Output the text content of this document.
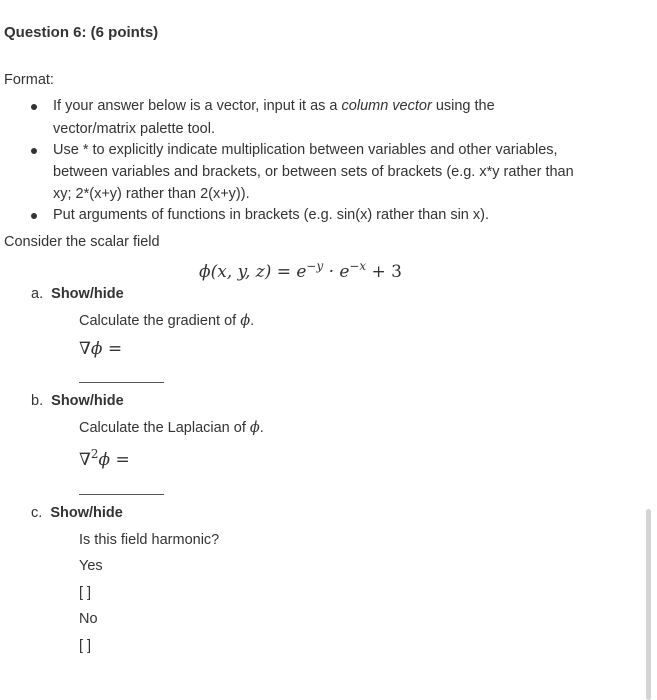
Question 6: (6 points)
Format:
If your answer below is a vector, input it as a column vector using the
vector/matrix palette tool.
Use * to explicitly indicate multiplication between variables and other variables,
between variables and brackets, or between sets of brackets (e.g. x*y rather than
xy; 2*(x+y) rather than 2(x+y)).
Put arguments of functions in brackets (e.g. sin(x) rather than sin x).
Consider the scalar field
ϕ(x, y, $z) = e^{-y} \cdot e^{-x} + 3$
a. Show/hide
Calculate the gradient of ϕ.
∇ϕ =
b. Show/hide
Calculate the Laplacian of ϕ.
∇$^2$ϕ =
c. Show/hide
Is this field harmonic?
Yes
[ ]
No
[ ]
